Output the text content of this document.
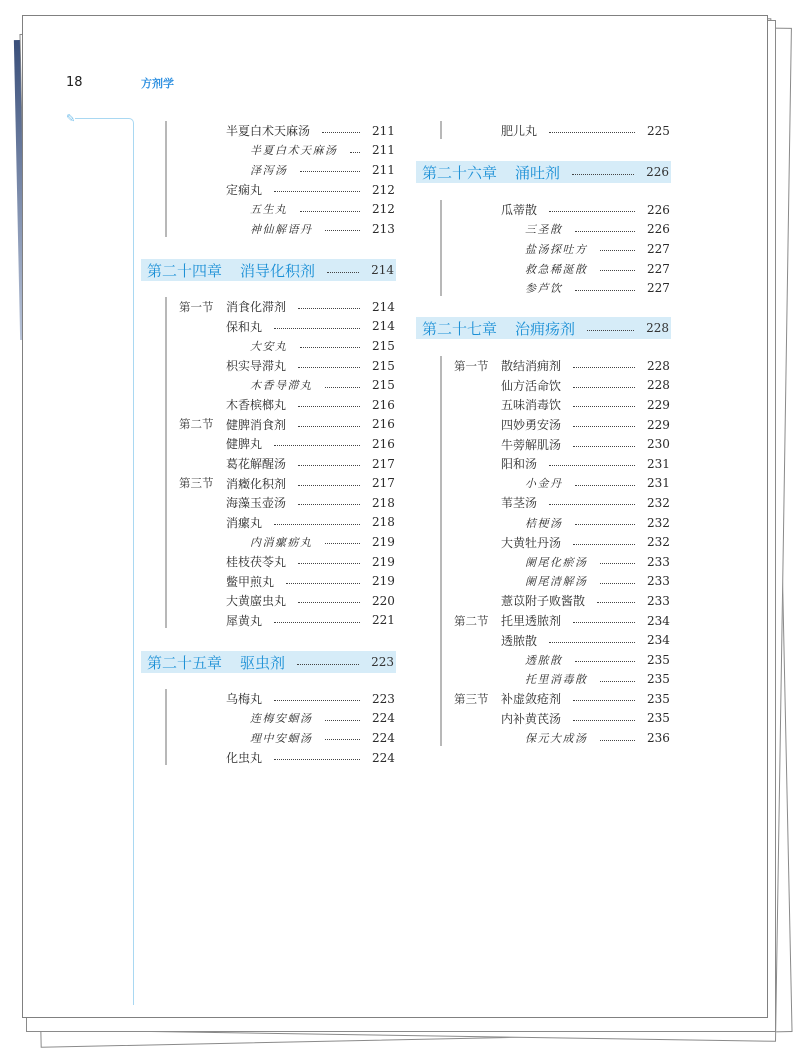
18	方剂学
✎
半夏白术天麻汤	211
半夏白术天麻汤	211
泽泻汤	211
定痫丸	212
五生丸	212
神仙解语丹	213
第二十四章 消导化积剂	214
第一节 消食化滞剂	214
保和丸	214
大安丸	215
枳实导滞丸	215
木香导滞丸	215
木香槟榔丸	216
第二节 健脾消食剂	216
健脾丸	216
葛花解醒汤	217
第三节 消癥化积剂	217
海藻玉壶汤	218
消瘰丸	218
内消瘰疬丸	219
桂枝茯苓丸	219
鳖甲煎丸	219
大黄䗪虫丸	220
犀黄丸	221
第二十五章 驱虫剂	223
乌梅丸	223
连梅安蛔汤	224
理中安蛔汤	224
化虫丸	224
肥儿丸	225
第二十六章 涌吐剂	226
瓜蒂散	226
三圣散	226
盐汤探吐方	227
救急稀涎散	227
参芦饮	227
第二十七章 治痈疡剂	228
第一节 散结消痈剂	228
仙方活命饮	228
五味消毒饮	229
四妙勇安汤	229
牛蒡解肌汤	230
阳和汤	231
小金丹	231
苇茎汤	232
桔梗汤	232
大黄牡丹汤	232
阑尾化瘀汤	233
阑尾清解汤	233
薏苡附子败酱散	233
第二节 托里透脓剂	234
透脓散	234
透脓散	235
托里消毒散	235
第三节 补虚敛疮剂	235
内补黄芪汤	235
保元大成汤	236
